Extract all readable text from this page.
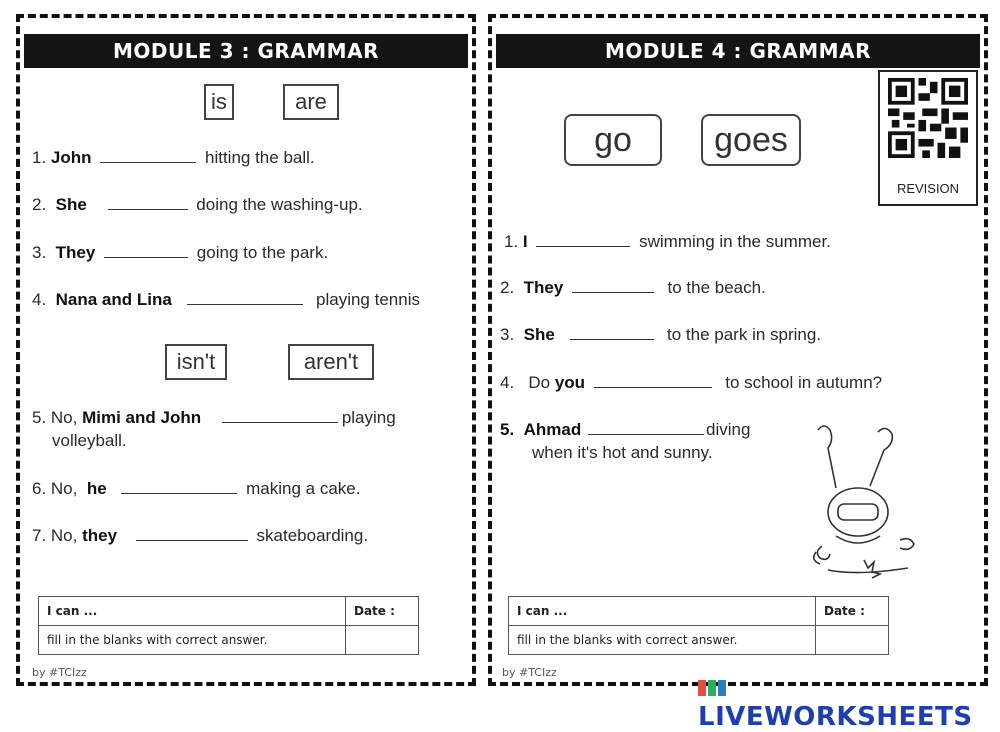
MODULE 3 : GRAMMAR
is	are
1. John	hitting the ball.
2. She	doing the washing-up.
3. They	going to the park.
4. Nana and Lina	playing tennis
isn't	aren't
5. No, Mimi and John	playing
volleyball.
6. No, he	making a cake.
7. No, they	skateboarding.
I can ...	Date :
fill in the blanks with correct answer.	
by #TCIzz
MODULE 4 : GRAMMAR
go	goes
REVISION
1. I	swimming in the summer.
2. They	to the beach.
3. She	to the park in spring.
4. Do you	to school in autumn?
5. Ahmad	diving
when it's hot and sunny.
I can ...	Date :
fill in the blanks with correct answer.	
by #TCIzz
LIVEWORKSHEETS
